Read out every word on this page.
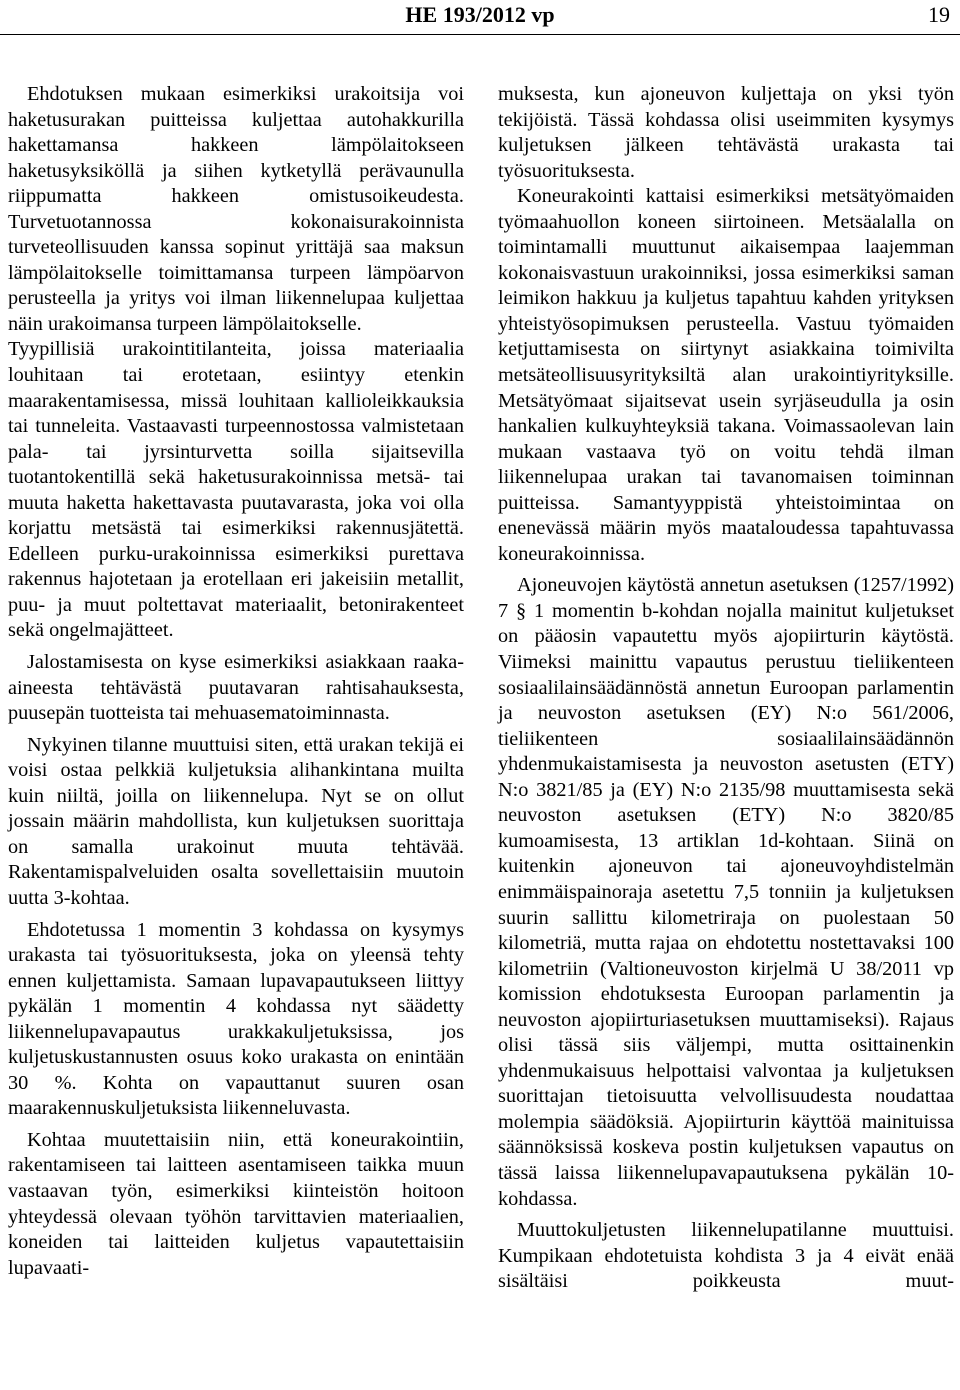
HE 193/2012 vp	19

Ehdotuksen mukaan esimerkiksi urakoitsija voi haketusurakan puitteissa kuljettaa autohakkurilla hakettamansa hakkeen lämpölaitokseen haketusyksiköllä ja siihen kytketyllä perävaunulla riippumatta hakkeen omistusoikeudesta. Turvetuotannossa kokonaisurakoinnista turveteollisuuden kanssa sopinut yrittäjä saa maksun lämpölaitokselle toimittamansa turpeen lämpöarvon perusteella ja yritys voi ilman liikennelupaa kuljettaa näin urakoimansa turpeen lämpölaitokselle.

Tyypillisiä urakointitilanteita, joissa materiaalia louhitaan tai erotetaan, esiintyy etenkin maarakentamisessa, missä louhitaan kallioleikkauksia tai tunneleita. Vastaavasti turpeennostossa valmistetaan pala- tai jyrsinturvetta soilla sijaitsevilla tuotantokentillä sekä haketusurakoinnissa metsä- tai muuta haketta hakettavasta puutavarasta, joka voi olla korjattu metsästä tai esimerkiksi rakennusjätettä. Edelleen purku-urakoinnissa esimerkiksi purettava rakennus hajotetaan ja erotellaan eri jakeisiin metallit, puu- ja muut poltettavat materiaalit, betonirakenteet sekä ongelmajätteet.

Jalostamisesta on kyse esimerkiksi asiakkaan raaka-aineesta tehtävästä puutavaran rahtisahauksesta, puusepän tuotteista tai mehuasematoiminnasta.

Nykyinen tilanne muuttuisi siten, että urakan tekijä ei voisi ostaa pelkkiä kuljetuksia alihankintana muilta kuin niiltä, joilla on liikennelupa. Nyt se on ollut jossain määrin mahdollista, kun kuljetuksen suorittaja on samalla urakoinut muuta tehtävää. Rakentamispalveluiden osalta sovellettaisiin muutoin uutta 3-kohtaa.

Ehdotetussa 1 momentin 3 kohdassa on kysymys urakasta tai työsuorituksesta, joka on yleensä tehty ennen kuljettamista. Samaan lupavapautukseen liittyy pykälän 1 momentin 4 kohdassa nyt säädetty liikennelupavapautus urakkakuljetuksissa, jos kuljetuskustannusten osuus koko urakasta on enintään 30 %. Kohta on vapauttanut suuren osan maarakennuskuljetuksista liikenneluvasta.

Kohtaa muutettaisiin niin, että koneurakointiin, rakentamiseen tai laitteen asentamiseen taikka muun vastaavan työn, esimerkiksi kiinteistön hoitoon yhteydessä olevaan työhön tarvittavien materiaalien, koneiden tai laitteiden kuljetus vapautettaisiin lupavaati-

muksesta, kun ajoneuvon kuljettaja on yksi työn tekijöistä. Tässä kohdassa olisi useimmiten kysymys kuljetuksen jälkeen tehtävästä urakasta tai työsuorituksesta.

Koneurakointi kattaisi esimerkiksi metsätyömaiden työmaahuollon koneen siirtoineen. Metsäalalla on toimintamalli muuttunut aikaisempaa laajemman kokonaisvastuun urakoinniksi, jossa esimerkiksi saman leimikon hakkuu ja kuljetus tapahtuu kahden yrityksen yhteistyösopimuksen perusteella. Vastuu työmaiden ketjuttamisesta on siirtynyt asiakkaina toimivilta metsäteollisuusyrityksiltä alan urakointiyrityksille. Metsätyömaat sijaitsevat usein syrjäseudulla ja osin hankalien kulkuyhteyksiä takana. Voimassaolevan lain mukaan vastaava työ on voitu tehdä ilman liikennelupaa urakan tai tavanomaisen toiminnan puitteissa. Samantyyppistä yhteistoimintaa on enenevässä määrin myös maataloudessa tapahtuvassa koneurakoinnissa.

Ajoneuvojen käytöstä annetun asetuksen (1257/1992) 7 § 1 momentin b-kohdan nojalla mainitut kuljetukset on pääosin vapautettu myös ajopiirturin käytöstä. Viimeksi mainittu vapautus perustuu tieliikenteen sosiaalilainsäädännöstä annetun Euroopan parlamentin ja neuvoston asetuksen (EY) N:o 561/2006, tieliikenteen sosiaalilainsäädännön yhdenmukaistamisesta ja neuvoston asetusten (ETY) N:o 3821/85 ja (EY) N:o 2135/98 muuttamisesta sekä neuvoston asetuksen (ETY) N:o 3820/85 kumoamisesta, 13 artiklan 1d-kohtaan. Siinä on kuitenkin ajoneuvon tai ajoneuvoyhdistelmän enimmäispainoraja asetettu 7,5 tonniin ja kuljetuksen suurin sallittu kilometriraja on puolestaan 50 kilometriä, mutta rajaa on ehdotettu nostettavaksi 100 kilometriin (Valtioneuvoston kirjelmä U 38/2011 vp komission ehdotuksesta Euroopan parlamentin ja neuvoston ajopiirturiasetuksen muuttamiseksi). Rajaus olisi tässä siis väljempi, mutta osittainenkin yhdenmukaisuus helpottaisi valvontaa ja kuljetuksen suorittajan tietoisuutta velvollisuudesta noudattaa molempia säädöksiä. Ajopiirturin käyttöä mainituissa säännöksissä koskeva postin kuljetuksen vapautus on tässä laissa liikennelupavapautuksena pykälän 10-kohdassa.

Muuttokuljetusten liikennelupatilanne muuttuisi. Kumpikaan ehdotetuista kohdista 3 ja 4 eivät enää sisältäisi poikkeusta muut-
